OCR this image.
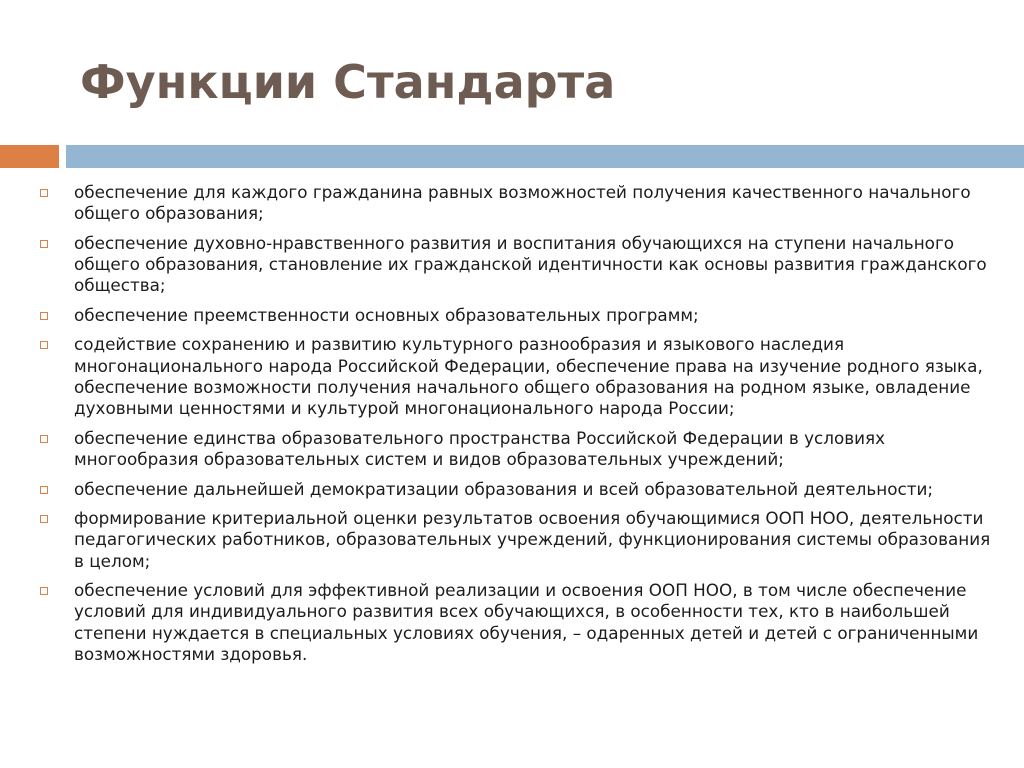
Функции Стандарта
обеспечение для каждого гражданина равных возможностей получения качественного начального общего образования;
обеспечение духовно-нравственного развития и воспитания обучающихся на ступени начального общего образования, становление их гражданской идентичности как основы развития гражданского общества;
обеспечение преемственности основных образовательных программ;
содействие сохранению и развитию культурного разнообразия и языкового наследия многонационального народа Российской Федерации, обеспечение права на изучение родного языка, обеспечение возможности получения начального общего образования на родном языке, овладение духовными ценностями и культурой многонационального народа России;
обеспечение единства образовательного пространства Российской Федерации в условиях многообразия образовательных систем и видов образовательных учреждений;
обеспечение дальнейшей демократизации образования и всей образовательной деятельности;
формирование критериальной оценки результатов освоения обучающимися ООП НОО, деятельности педагогических работников, образовательных учреждений, функционирования системы образования в целом;
обеспечение условий для эффективной реализации и освоения ООП НОО, в том числе обеспечение условий для индивидуального развития всех обучающихся, в особенности тех, кто в наибольшей степени нуждается в специальных условиях обучения, – одаренных детей и детей с ограниченными возможностями здоровья.
